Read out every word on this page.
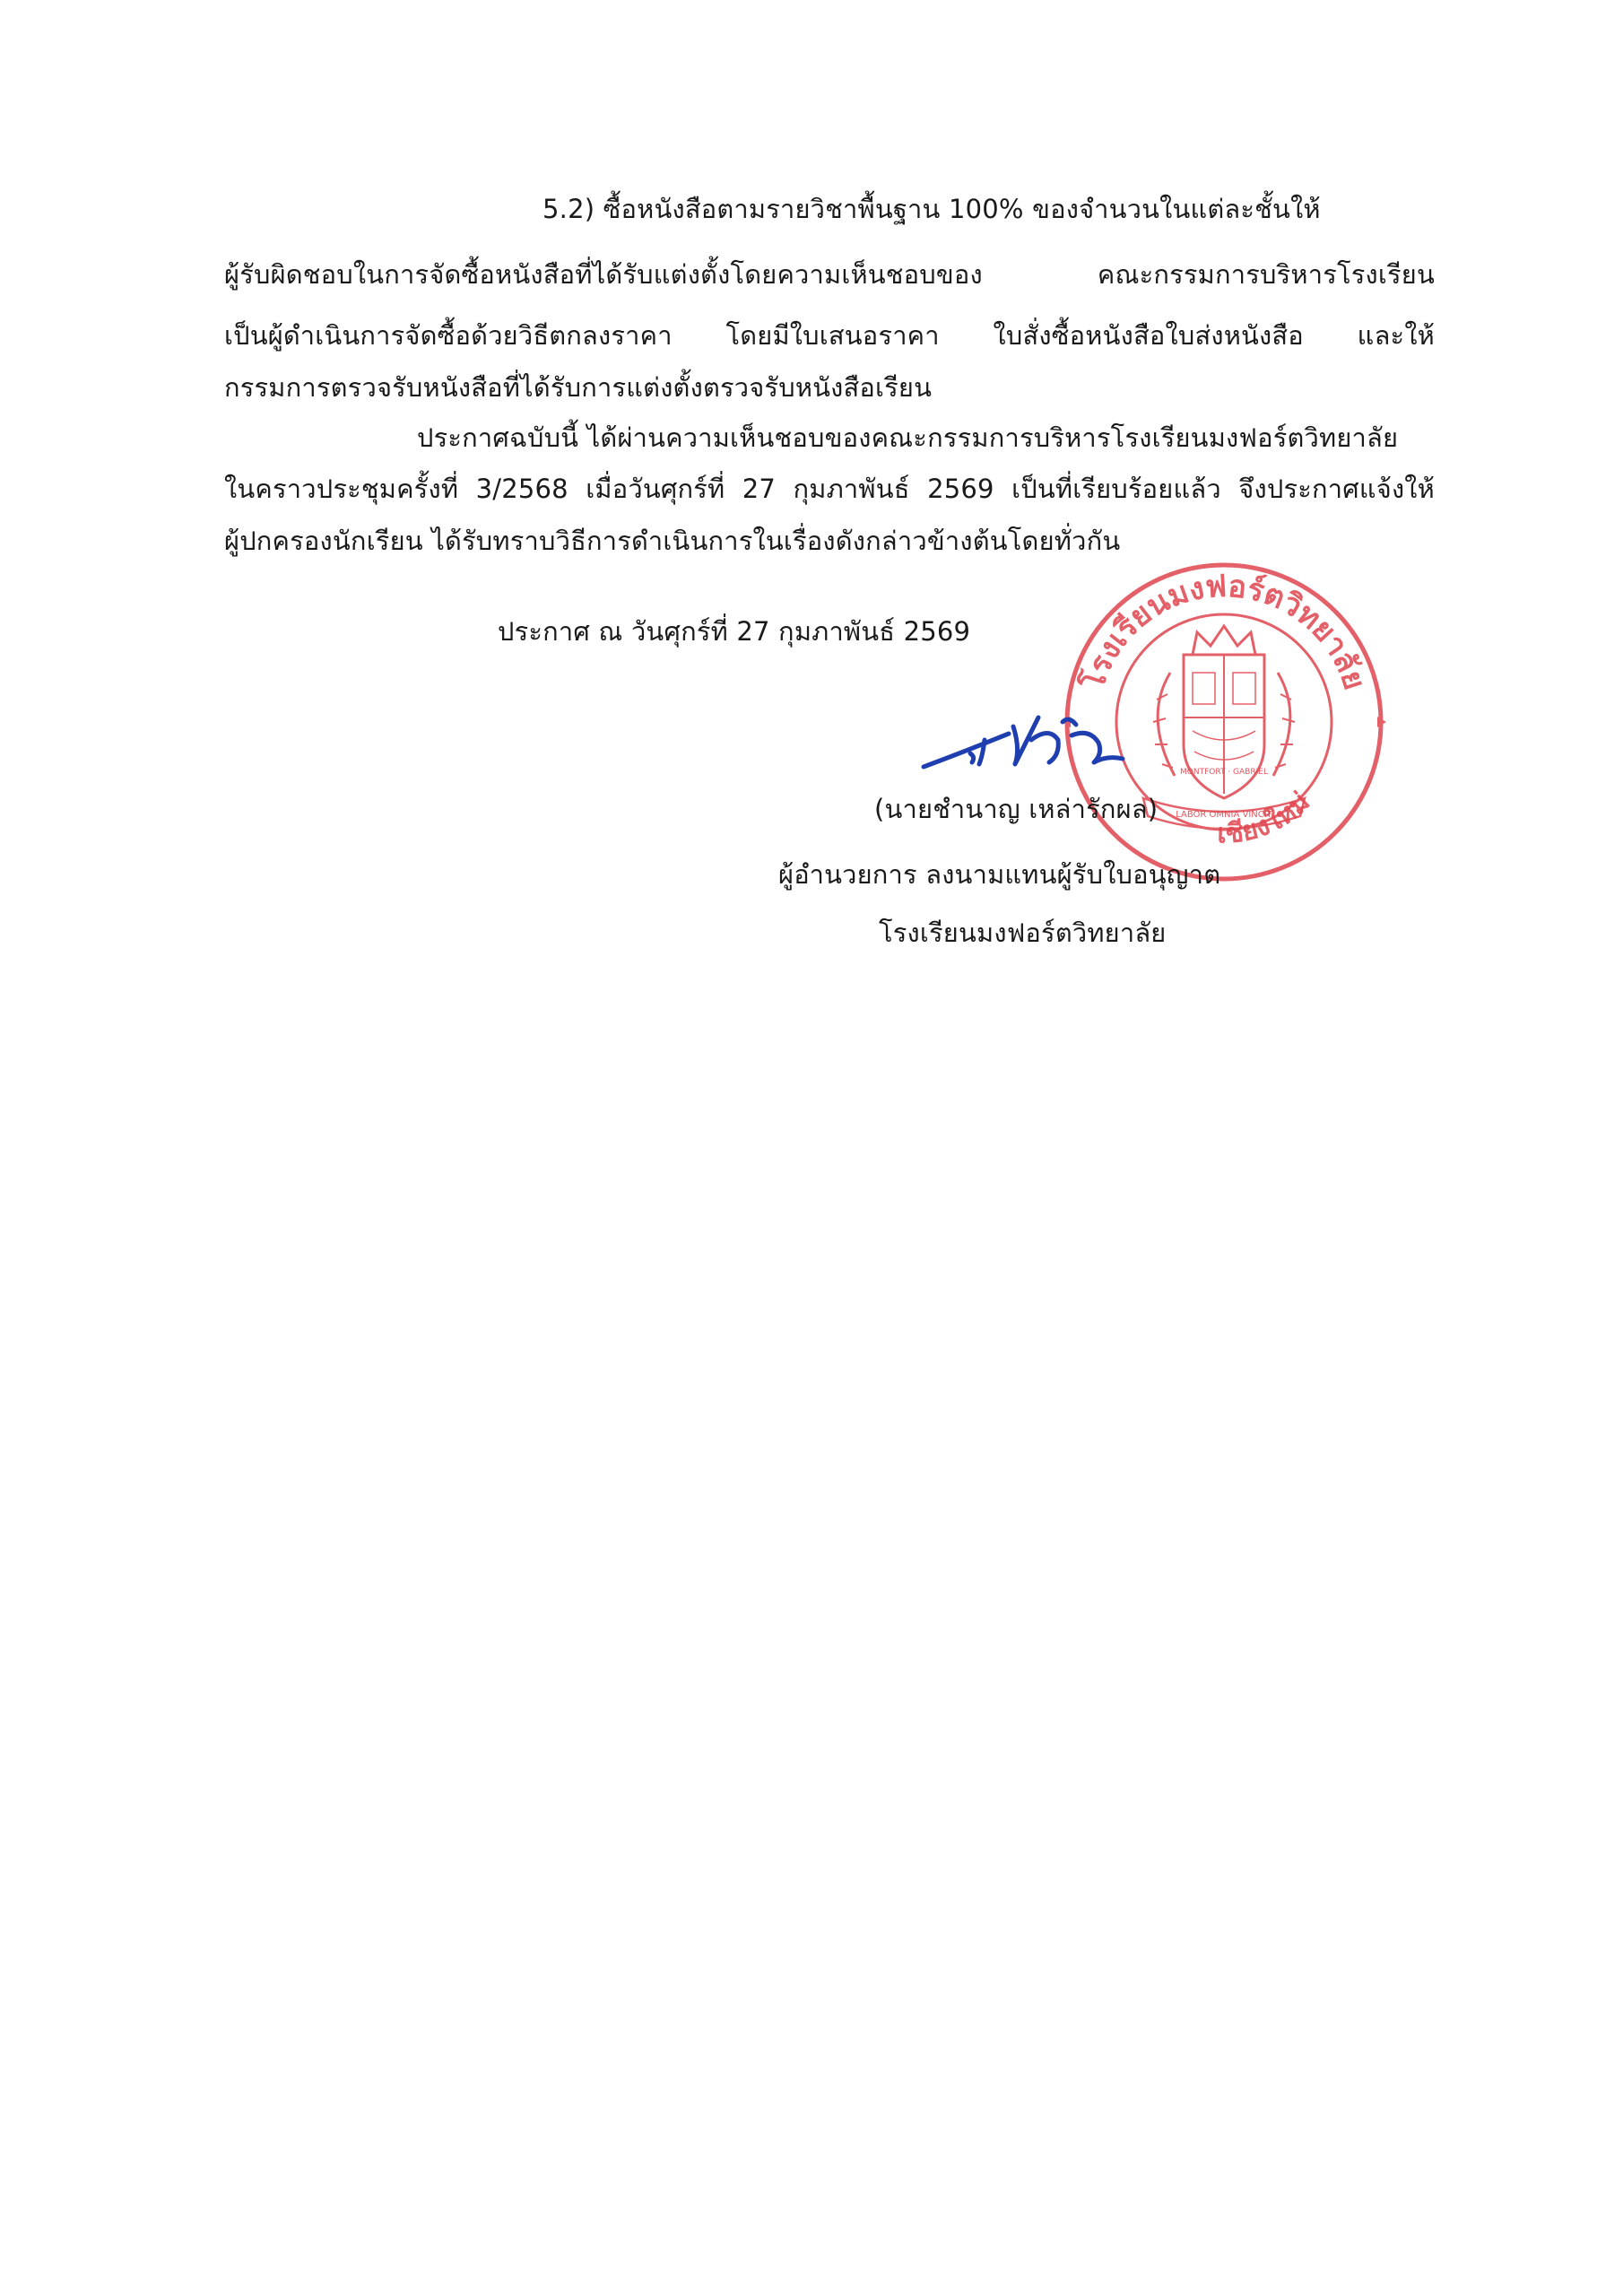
5.2) ซื้อหนังสือตามรายวิชาพื้นฐาน 100% ของจำนวนในแต่ละชั้นให้
ผู้รับผิดชอบในการจัดซื้อหนังสือที่ได้รับแต่งตั้งโดยความเห็นชอบของ คณะกรรมการบริหารโรงเรียน
เป็นผู้ดำเนินการจัดซื้อด้วยวิธีตกลงราคา โดยมีใบเสนอราคา ใบสั่งซื้อหนังสือใบส่งหนังสือ และให้
กรรมการตรวจรับหนังสือที่ได้รับการแต่งตั้งตรวจรับหนังสือเรียน
ประกาศฉบับนี้ ได้ผ่านความเห็นชอบของคณะกรรมการบริหารโรงเรียนมงฟอร์ตวิทยาลัย
ในคราวประชุมครั้งที่ 3/2568 เมื่อวันศุกร์ที่ 27 กุมภาพันธ์ 2569 เป็นที่เรียบร้อยแล้ว จึงประกาศแจ้งให้
ผู้ปกครองนักเรียน ได้รับทราบวิธีการดำเนินการในเรื่องดังกล่าวข้างต้นโดยทั่วกัน
ประกาศ ณ วันศุกร์ที่ 27 กุมภาพันธ์ 2569
โรงเรียนมงฟอร์ตวิทยาลัย
เชียงใหม่
LABOR OMNIA VINCIT
MONTFORT · GABRIEL
(นายชำนาญ เหล่ารักผล)
ผู้อำนวยการ ลงนามแทนผู้รับใบอนุญาต
โรงเรียนมงฟอร์ตวิทยาลัย
